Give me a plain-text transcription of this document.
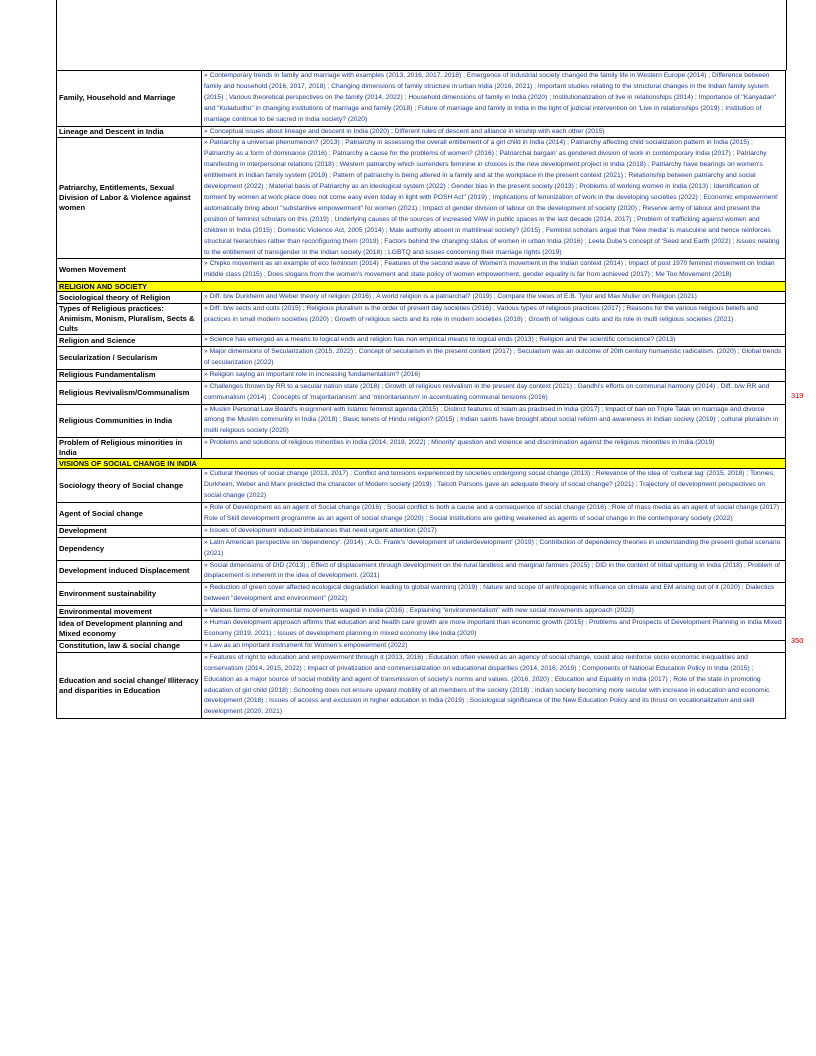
Family, Household and Marriage	» Contemporary trends in family and marriage with examples (2013, 2016, 2017, 2018) ; Emergence of industrial society changed the family life in Western Europe (2014) ; Difference between family and household (2016, 2017, 2018) ; Changing dimensions of family structure in urban India (2016, 2021) ; Important studies relating to the structural changes in the Indian family system (2015) ; Various theoretical perspectives on the family (2014, 2022) ; Household dimensions of family in India (2020) ; Institutionalization of live in relationships (2014) ; Importance of "Kanyadan" and "Kuladudhu" in changing institutions of marriage and family (2018) ; Future of marriage and family in India in the light of judicial intervention on 'Live in relationships (2019) ; Institution of marriage continue to be sacred in India society? (2020)
Lineage and Descent in India	» Conceptual issues about lineage and descent in India (2020) ; Different rules of descent and alliance in kinship with each other (2015)
Patriarchy, Entitlements, Sexual Division of Labor & Violence against women	» Patriarchy a universal phenomenon? (2013) ; Patriarchy in assessing the overall entitlement of a girl child in India (2014) ; Patriarchy affecting child socialization pattern in India (2015) ; Patriarchy as a form of dominance (2016) ; Patriarchy a cause for the problems of women? (2016) ; Patriarchal bargain' as gendered division of work in contemporary India (2017) ; Patriarchy manifesting in interpersonal relations (2018) ; Western patriarchy which surrenders feminine in choices is the new development project in India (2018) ; Patriarchy have bearings on women's entitlement in Indian family system (2019) ; Pattern of patriarchy is being altered in a family and at the workplace in the present context (2021) ; Relationship between patriarchy and social development (2022) ; Material basis of Patriarchy as an ideological system (2022) ; Gender bias in the present society (2013) ; Problems of working women in India (2013) ; Identification of torment by women at work place does not come easy even today in light with POSH Act" (2019) ; Implications of feminization of work in the developing societies (2022) ; Economic empowerment' automatically bring about "substantive empowerment" for women (2021) ; Impact of gender division of labour on the development of society (2020) ; Reserve army of labour and present the position of feminist scholars on this (2019) ; Underlying causes of the sources of increased VAW in public spaces in the last decade (2014, 2017) ; Problem of trafficking against women and children in India (2015) ; Domestic Violence Act, 2005 (2014) ; Male authority absent in matrilineal society? (2015) ; Feminist scholars argue that 'New media' is masculine and hence reinforces structural hierarchies rather than reconfiguring them (2019) ; Factors behind the changing status of women in urban India (2016) ; Leela Dube's concept of 'Seed and Earth (2022) ; Issues relating to the entitlement of transgender in the Indian society (2018) ; LGBTQ and issues concerning their marriage rights (2019)
Women Movement	» Chipko movement as an example of eco feminism (2014) ; Features of the second wave of Women's movement in the Indian context (2014) ; Impact of post 1970 feminist movement on Indian middle class (2015) ; Does slogans from the women's movement and state policy of women empowerment, gender equality is far from achieved (2017) ; Me Too Movement (2018)
RELIGION AND SOCIETY	
Sociological theory of Religion	» Diff. b/w Durkheim and Weber theory of religion (2016) ; A world religion is a patriarchal? (2019) ; Compare the views of E.B. Tylor and Max Muller on Religion (2021)
Types of Religious practices: Animism, Monism, Pluralism, Sects & Cults	» Diff. b/w sects and cults (2015) ; Religious pluralism is the order of present day societies (2016) ; Various types of religious practices (2017) ; Reasons for the various religious beliefs and practices in small modern societies (2020) ; Growth of religious sects and its role in modern societies (2018) ; Growth of religious cults and its role in multi religious societies (2021)
Religion and Science	» Science has emerged as a means to logical ends and religion has non empirical means to logical ends (2013) ; Religion and the scientific conscience? (2013)
Secularization / Secularism	» Major dimensions of Secularization (2015, 2022) ; Concept of secularism in the present context (2017) ; Secularism was an outcome of 20th century humanistic radicalism. (2020) ; Global trends of secularization (2022)
Religious Fundamentalism	» Religion saying an important role in increasing fundamentalism? (2016)
Religious Revivalism/Communalism	» Challenges thrown by RR to a secular nation state (2018) ; Growth of religious revivalism in the present day context (2021) ; Gandhi's efforts on communal harmony (2014) ; Diff. b/w RR and communalism (2014) ; Concepts of 'majoritarianism' and 'minoritarianism' in accentuating communal tensions (2016)
Religious Communities in India	» Muslim Personal Law Board's insignment with Islamic feminist agenda (2015) ; Distinct features of Islam as practised in India (2017) ; Impact of ban on Triple Talak on marriage and divorce among the Muslim community in India (2018) ; Basic tenets of Hindu religion? (2015) ; Indian saints have brought about social reform and awareness in Indian society (2019) ; cultural pluralism in multi religious society (2020)
Problem of Religious minorities in India	» Problems and solutions of religious minorities in India (2014, 2018, 2022) ; Minority' question and violence and discrimination against the religious minorities in India (2019)
VISIONS OF SOCIAL CHANGE IN INDIA	
Sociology theory of Social change	» Cultural theories of social change (2013, 2017) ; Conflict and tensions experienced by societies undergoing social change (2013) ; Relevance of the idea of 'cultural lag' (2015, 2018) ; Tonnies, Durkheim, Weber and Marx predicted the character of Modern society (2019) ; Talcott Parsons gave an adequate theory of social change? (2021) ; Trajectory of development perspectives on social change (2022)
Agent of Social change	» Role of Development as an agent of Social change (2016) ; Social conflict is both a cause and a consequence of social change (2016) ; Role of mass media as an agent of social change (2017) ; Role of Skill development programme as an agent of social change (2020) ; Social institutions are getting weakened as agents of social change in the contemporary society (2022)
Development	» Issues of development induced imbalances that need urgent attention (2017)
Dependency	» Latin American perspective on 'dependency'. (2014) ; A.G. Frank's 'development of underdevelopment' (2019) ; Contribution of dependency theories in understanding the present global scenario (2021)
Development induced Displacement	» Social dimensions of DID (2013) ; Effect of displacement through development on the rural landless and marginal farmers (2015) ; DID in the context of tribal uprising in India (2018) ; Problem of displacement is inherent in the idea of development. (2021)
Environment sustainability	» Reduction of green cover affected ecological degradation leading to global warming (2019) ; Nature and scope of anthropogenic influence on climate and EM arising out of it (2020) ; Dialectics between "development and environment" (2022)
Environmental movement	» Various forms of environmental movements waged in India (2016) ; Explaining "environmentalism" with new social movements approach (2022)
Idea of Development planning and Mixed economy	» Human development approach affirms that education and health care growth are more important than economic growth (2015) ; Problems and Prospects of Development Planning in India Mixed Economy (2019, 2021) ; Issues of development planning in mixed economy like India (2020)
Constitution, law & social change	» Law as an important instrument for Women's empowerment (2022)
Education and social change/ Illiteracy and disparities in Education	» Features of right to education and empowerment through it (2013, 2016) ; Education often viewed as an agency of social change, could also reinforce socio economic inequalities and conservatism (2014, 2015, 2022) ; Impact of privatization and commercialization on educational disparities (2014, 2016, 2019) ; Components of National Education Policy in India (2015) ; Education as a major source of social mobility and agent of transmission of society's norms and values. (2016, 2020) ; Education and Equality in India (2017) ; Role of the state in promoting education of girl child (2018) ; Schooling does not ensure upward mobility of all members of the society (2018) ; Indian society becoming more secular with increase in education and economic development (2018) ; Issues of access and exclusion in higher education in India (2019) ; Sociological significance of the New Education Policy and its thrust on vocationalization and skill development (2020, 2021)
319
350
